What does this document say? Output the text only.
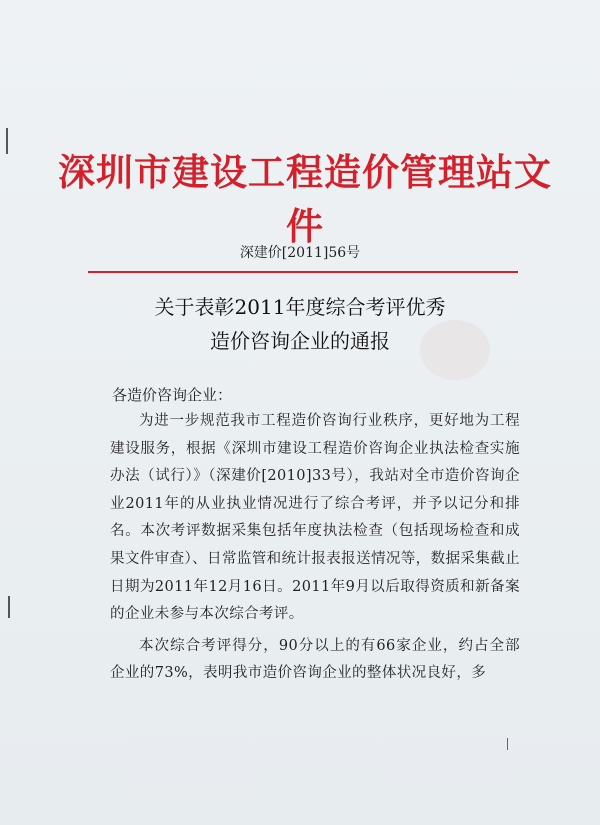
深圳市建设工程造价管理站文件
深建价[2011]56号
关于表彰2011年度综合考评优秀
造价咨询企业的通报
各造价咨询企业：

为进一步规范我市工程造价咨询行业秩序，更好地为工程建设服务，根据《深圳市建设工程造价咨询企业执法检查实施办法（试行）》（深建价[2010]33号），我站对全市造价咨询企业2011年的从业执业情况进行了综合考评，并予以记分和排名。本次考评数据采集包括年度执法检查（包括现场检查和成果文件审查）、日常监管和统计报表报送情况等，数据采集截止日期为2011年12月16日。2011年9月以后取得资质和新备案的企业未参与本次综合考评。

本次综合考评得分，90分以上的有66家企业，约占全部企业的73%，表明我市造价咨询企业的整体状况良好，多
